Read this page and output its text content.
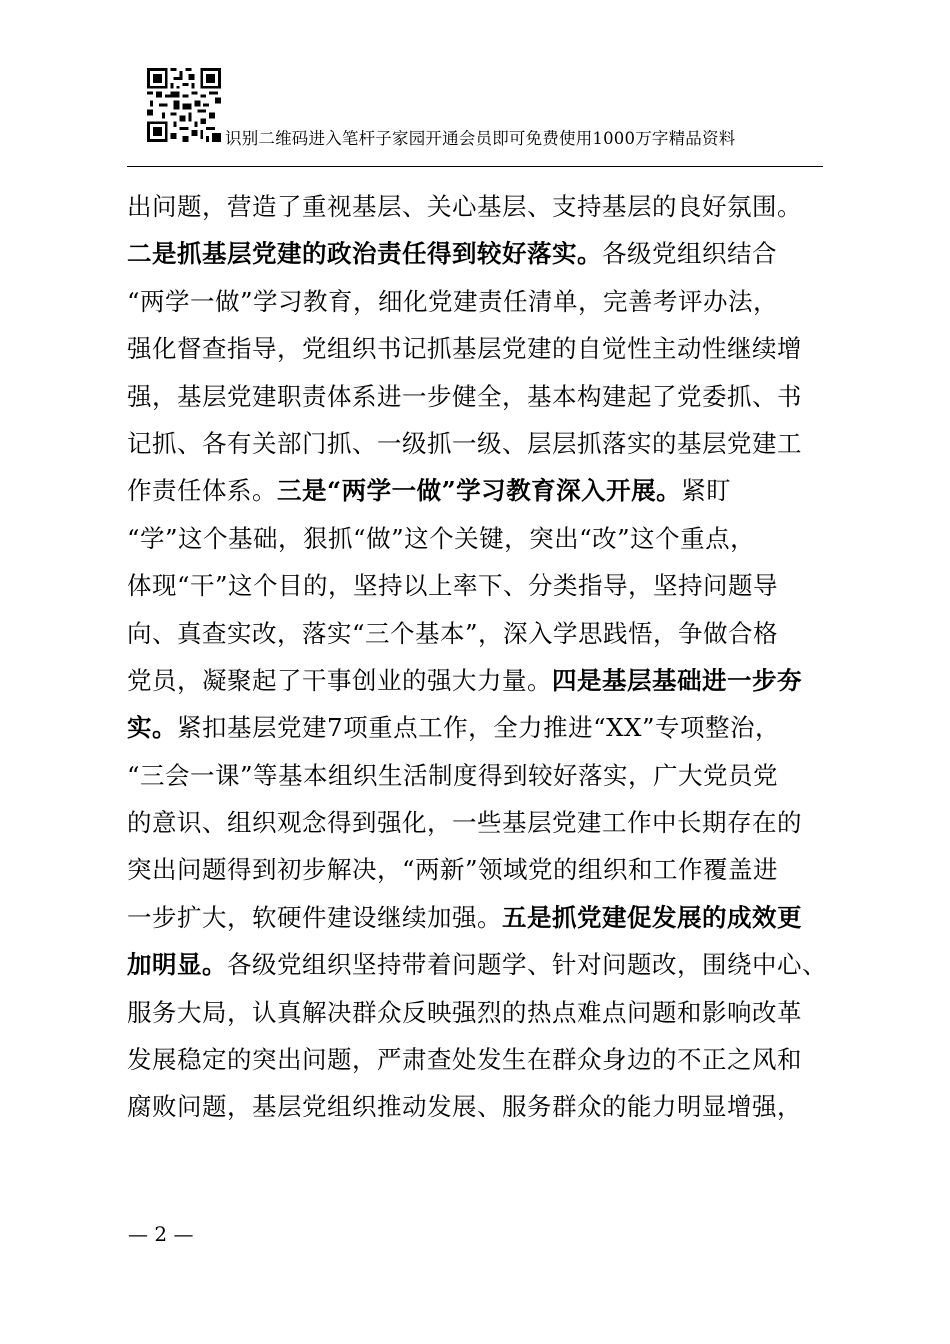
识别二维码进入笔杆子家园开通会员即可免费使用1000万字精品资料
出问题，营造了重视基层、关心基层、支持基层的良好氛围。
二是抓基层党建的政治责任得到较好落实。各级党组织结合
“两学一做”学习教育，细化党建责任清单，完善考评办法，
强化督查指导，党组织书记抓基层党建的自觉性主动性继续增
强，基层党建职责体系进一步健全，基本构建起了党委抓、书
记抓、各有关部门抓、一级抓一级、层层抓落实的基层党建工
作责任体系。三是“两学一做”学习教育深入开展。紧盯
“学”这个基础，狠抓“做”这个关键，突出“改”这个重点，
体现“干”这个目的，坚持以上率下、分类指导，坚持问题导
向、真查实改，落实“三个基本”，深入学思践悟，争做合格
党员，凝聚起了干事创业的强大力量。四是基层基础进一步夯
实。紧扣基层党建7项重点工作，全力推进“XX”专项整治，
“三会一课”等基本组织生活制度得到较好落实，广大党员党
的意识、组织观念得到强化，一些基层党建工作中长期存在的
突出问题得到初步解决，“两新”领域党的组织和工作覆盖进
一步扩大，软硬件建设继续加强。五是抓党建促发展的成效更
加明显。各级党组织坚持带着问题学、针对问题改，围绕中心、
服务大局，认真解决群众反映强烈的热点难点问题和影响改革
发展稳定的突出问题，严肃查处发生在群众身边的不正之风和
腐败问题，基层党组织推动发展、服务群众的能力明显增强，
— 2 —
